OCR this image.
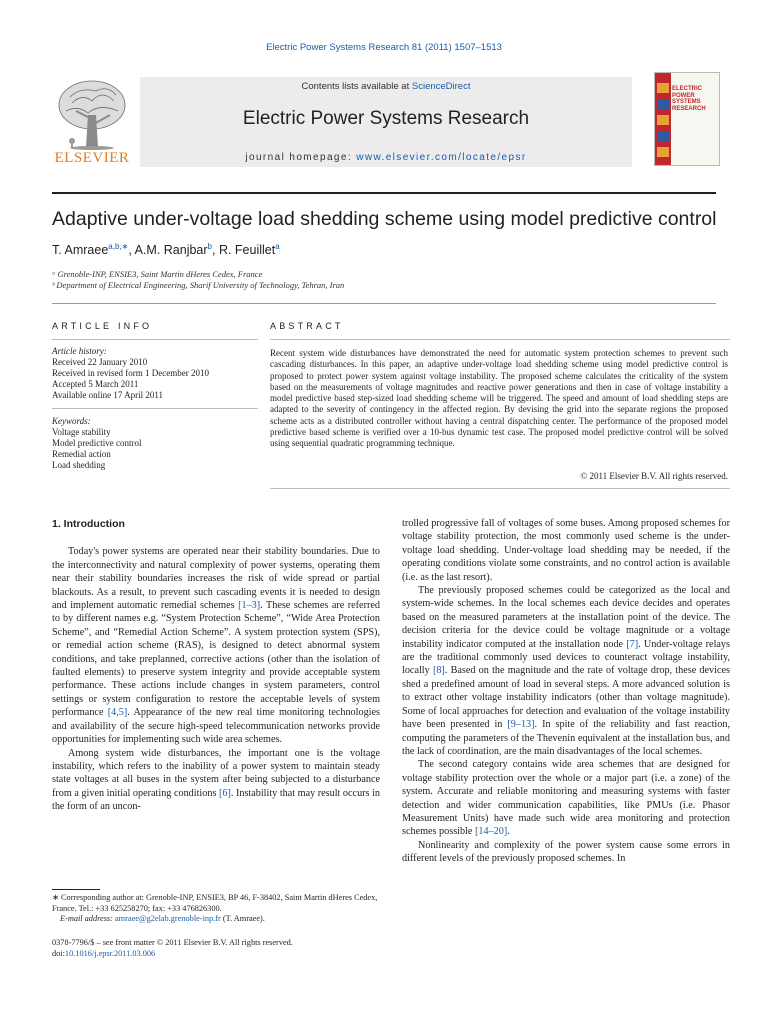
Electric Power Systems Research 81 (2011) 1507–1513
ELSEVIER
Contents lists available at ScienceDirect
Electric Power Systems Research
journal homepage: www.elsevier.com/locate/epsr
ELECTRIC POWER SYSTEMS RESEARCH
Adaptive under-voltage load shedding scheme using model predictive control
T. Amraee$^{a,b,∗}$, A.M. Ranjbar$^b$, R. Feuillet$^a$
ᵃ Grenoble-INP, ENSIE3, Saint Martin dHeres Cedex, France
ᵇ Department of Electrical Engineering, Sharif University of Technology, Tehran, Iran
ARTICLE INFO	ABSTRACT
Article history:
Received 22 January 2010
Received in revised form 1 December 2010
Accepted 5 March 2011
Available online 17 April 2011
Keywords:
Voltage stability
Model predictive control
Remedial action
Load shedding
Recent system wide disturbances have demonstrated the need for automatic system protection schemes to prevent such cascading disturbances. In this paper, an adaptive under-voltage load shedding scheme using model predictive control is proposed to protect power system against voltage instability. The proposed scheme calculates the criticality of the system based on the measurements of voltage magnitudes and reactive power generations and then in case of voltage instability a model predictive based step-sized load shedding scheme will be triggered. The speed and amount of load shedding steps are adapted to the severity of contingency in the affected region. By devising the grid into the separate regions the proposed scheme acts as a distributed controller without having a central dispatching center. The performance of the proposed model predictive based scheme is verified over a 10-bus dynamic test case. The proposed model predictive control will be solved using sequential quadratic programming technique.
© 2011 Elsevier B.V. All rights reserved.
1. Introduction

Today's power systems are operated near their stability boundaries. Due to the interconnectivity and natural complexity of power systems, operating them near their stability boundaries increases the risk of wide spread or partial blackouts. As a result, to prevent such cascading events it is needed to design and implement automatic remedial schemes [1–3]. These schemes are referred to by different names e.g. “System Protection Scheme”, “Wide Area Protection Scheme”, and “Remedial Action Scheme”. A system protection system (SPS), or remedial action scheme (RAS), is designed to detect abnormal system conditions, and take preplanned, corrective actions (other than the isolation of faulted elements) to preserve system integrity and provide acceptable system performance. These actions include changes in system parameters, control settings or system configuration to restore the acceptable levels of system performance [4,5]. Appearance of the new real time monitoring technologies and availability of the secure high-speed telecommunication networks provide opportunities for implementing such wide area schemes.

Among system wide disturbances, the important one is the voltage instability, which refers to the inability of a power system to maintain steady state voltages at all buses in the system after being subjected to a disturbance from a given initial operating conditions [6]. Instability that may result occurs in the form of an uncon-

trolled progressive fall of voltages of some buses. Among proposed schemes for voltage stability protection, the most commonly used scheme is the under-voltage load shedding. Under-voltage load shedding may be needed, if the operating conditions violate some constraints, and no control action is available (i.e. as the last resort).

The previously proposed schemes could be categorized as the local and system-wide schemes. In the local schemes each device decides and operates based on the measured parameters at the installation point of the device. The decision criteria for the device could be voltage magnitude or a voltage instability indicator computed at the installation node [7]. Under-voltage relays are the traditional commonly used devices to counteract voltage instability, locally [8]. Based on the magnitude and the rate of voltage drop, these devices shed a predefined amount of load in several steps. A more advanced solution is to extract other voltage instability indicators (other than voltage magnitude). Some of local approaches for detection and evaluation of the voltage instability have been presented in [9–13]. In spite of the reliability and fast reaction, computing the parameters of the Thevenin equivalent at the installation bus, and the lack of coordination, are the main disadvantages of the local schemes.

The second category contains wide area schemes that are designed for voltage stability protection over the whole or a major part (i.e. a zone) of the system. Accurate and reliable monitoring and measuring systems with faster detection and wider communication capabilities, like PMUs (i.e. Phasor Measurement Units) have made such wide area monitoring and protection schemes possible [14–20].

Nonlinearity and complexity of the power system cause some errors in different levels of the previously proposed schemes. In

∗ Corresponding author at: Grenoble-INP, ENSIE3, BP 46, F-38402, Saint Martin dHeres Cedex, France. Tel.: +33 625258270; fax: +33 476826300.

E-mail address: amraee@g2elab.grenoble-inp.fr (T. Amraee).

0378-7796/$ – see front matter © 2011 Elsevier B.V. All rights reserved.
doi:10.1016/j.epsr.2011.03.006
